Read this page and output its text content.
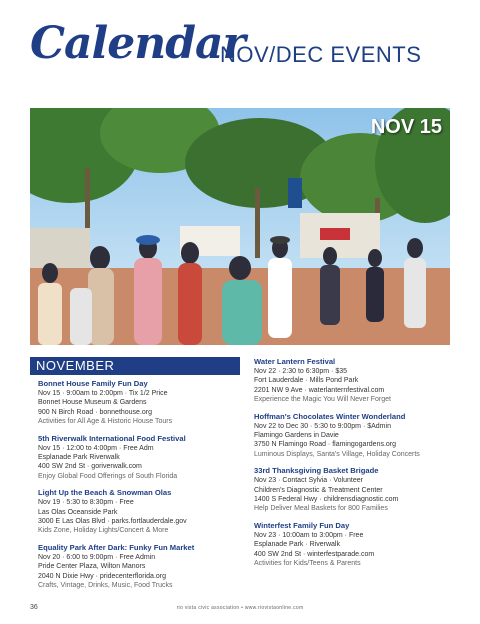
Calendar
NOV/DEC EVENTS
NOV 15
NOVEMBER
Bonnet House Family Fun Day
Nov 15 · 9:00am to 2:00pm · Tix 1/2 Price
Bonnet House Museum & Gardens
900 N Birch Road · bonnethouse.org
Activities for All Age & Historic House Tours
5th Riverwalk International Food Festival
Nov 15 · 12:00 to 4:00pm · Free Adm
Esplanade Park Riverwalk
400 SW 2nd St · goriverwalk.com
Enjoy Global Food Offerings of South Florida
Light Up the Beach & Snowman Olas
Nov 19 · 5:30 to 8:30pm · Free
Las Olas Oceanside Park
3000 E Las Olas Blvd · parks.fortlauderdale.gov
Kids Zone, Holiday Lights/Concert & More
Equality Park After Dark: Funky Fun Market
Nov 20 · 6:00 to 9:00pm · Free Admin
Pride Center Plaza, Wilton Manors
2040 N Dixie Hwy · pridecenterflorida.org
Crafts, Vintage, Drinks, Music, Food Trucks
Water Lantern Festival
Nov 22 · 2:30 to 6:30pm · $35
Fort Lauderdale · Mills Pond Park
2201 NW 9 Ave · waterlanternfestival.com
Experience the Magic You Will Never Forget
Hoffman's Chocolates Winter Wonderland
Nov 22 to Dec 30 · 5:30 to 9:00pm · $Admin
Flamingo Gardens in Davie
3750 N Flamingo Road · flamingogardens.org
Luminous Displays, Santa's Village, Holiday Concerts
33rd Thanksgiving Basket Brigade
Nov 23 · Contact Sylvia · Volunteer
Children's Diagnostic & Treatment Center
1400 S Federal Hwy · childrensdiagnostic.com
Help Deliver Meal Baskets for 800 Families
Winterfest Family Fun Day
Nov 23 · 10:00am to 3:00pm · Free
Esplanade Park · Riverwalk
400 SW 2nd St · winterfestparade.com
Activities for Kids/Teens & Parents
36	rio vista civic association • www.riovistaonline.com
